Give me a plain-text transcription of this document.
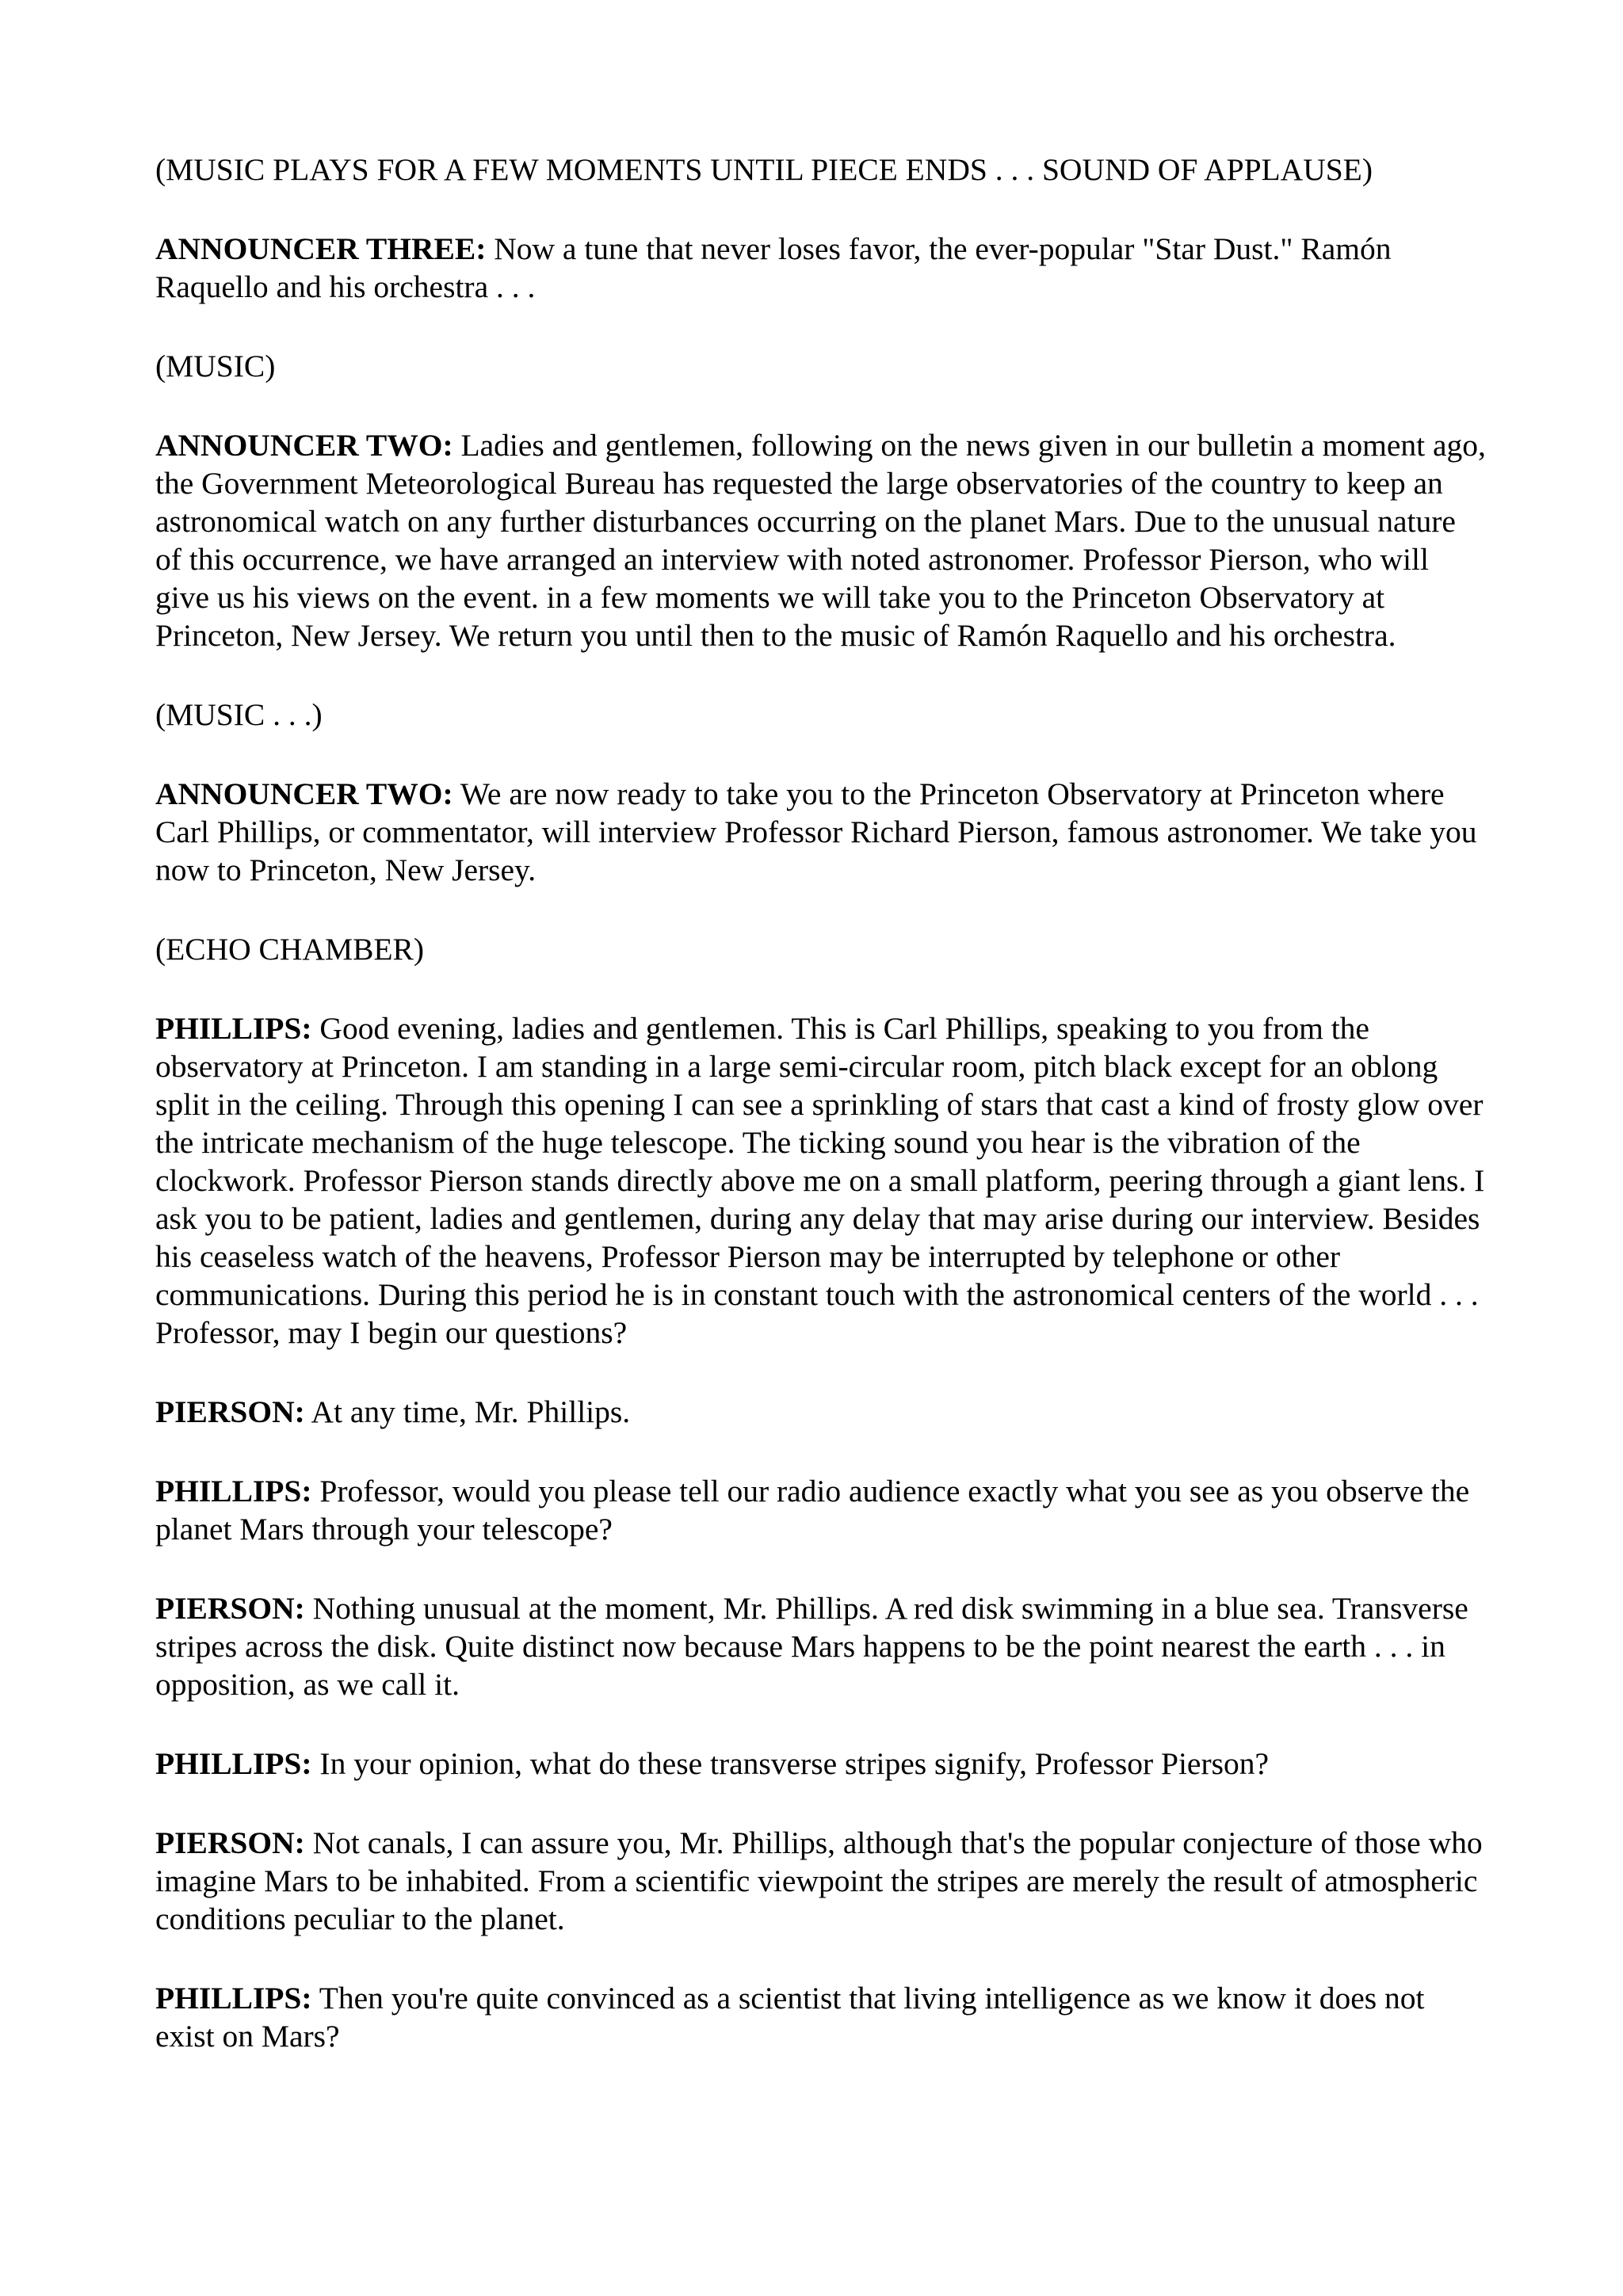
(MUSIC PLAYS FOR A FEW MOMENTS UNTIL PIECE ENDS . . . SOUND OF APPLAUSE)

ANNOUNCER THREE: Now a tune that never loses favor, the ever-popular "Star Dust." Ramón Raquello and his orchestra . . .

(MUSIC)

ANNOUNCER TWO: Ladies and gentlemen, following on the news given in our bulletin a moment ago, the Government Meteorological Bureau has requested the large observatories of the country to keep an astronomical watch on any further disturbances occurring on the planet Mars. Due to the unusual nature of this occurrence, we have arranged an interview with noted astronomer. Professor Pierson, who will give us his views on the event. in a few moments we will take you to the Princeton Observatory at Princeton, New Jersey. We return you until then to the music of Ramón Raquello and his orchestra.

(MUSIC . . .)

ANNOUNCER TWO: We are now ready to take you to the Princeton Observatory at Princeton where Carl Phillips, or commentator, will interview Professor Richard Pierson, famous astronomer. We take you now to Princeton, New Jersey.

(ECHO CHAMBER)

PHILLIPS: Good evening, ladies and gentlemen. This is Carl Phillips, speaking to you from the observatory at Princeton. I am standing in a large semi-circular room, pitch black except for an oblong split in the ceiling. Through this opening I can see a sprinkling of stars that cast a kind of frosty glow over the intricate mechanism of the huge telescope. The ticking sound you hear is the vibration of the clockwork. Professor Pierson stands directly above me on a small platform, peering through a giant lens. I ask you to be patient, ladies and gentlemen, during any delay that may arise during our interview. Besides his ceaseless watch of the heavens, Professor Pierson may be interrupted by telephone or other communications. During this period he is in constant touch with the astronomical centers of the world . . . Professor, may I begin our questions?

PIERSON: At any time, Mr. Phillips.

PHILLIPS: Professor, would you please tell our radio audience exactly what you see as you observe the planet Mars through your telescope?

PIERSON: Nothing unusual at the moment, Mr. Phillips. A red disk swimming in a blue sea. Transverse stripes across the disk. Quite distinct now because Mars happens to be the point nearest the earth . . . in opposition, as we call it.

PHILLIPS: In your opinion, what do these transverse stripes signify, Professor Pierson?

PIERSON: Not canals, I can assure you, Mr. Phillips, although that's the popular conjecture of those who imagine Mars to be inhabited. From a scientific viewpoint the stripes are merely the result of atmospheric conditions peculiar to the planet.

PHILLIPS: Then you're quite convinced as a scientist that living intelligence as we know it does not exist on Mars?
